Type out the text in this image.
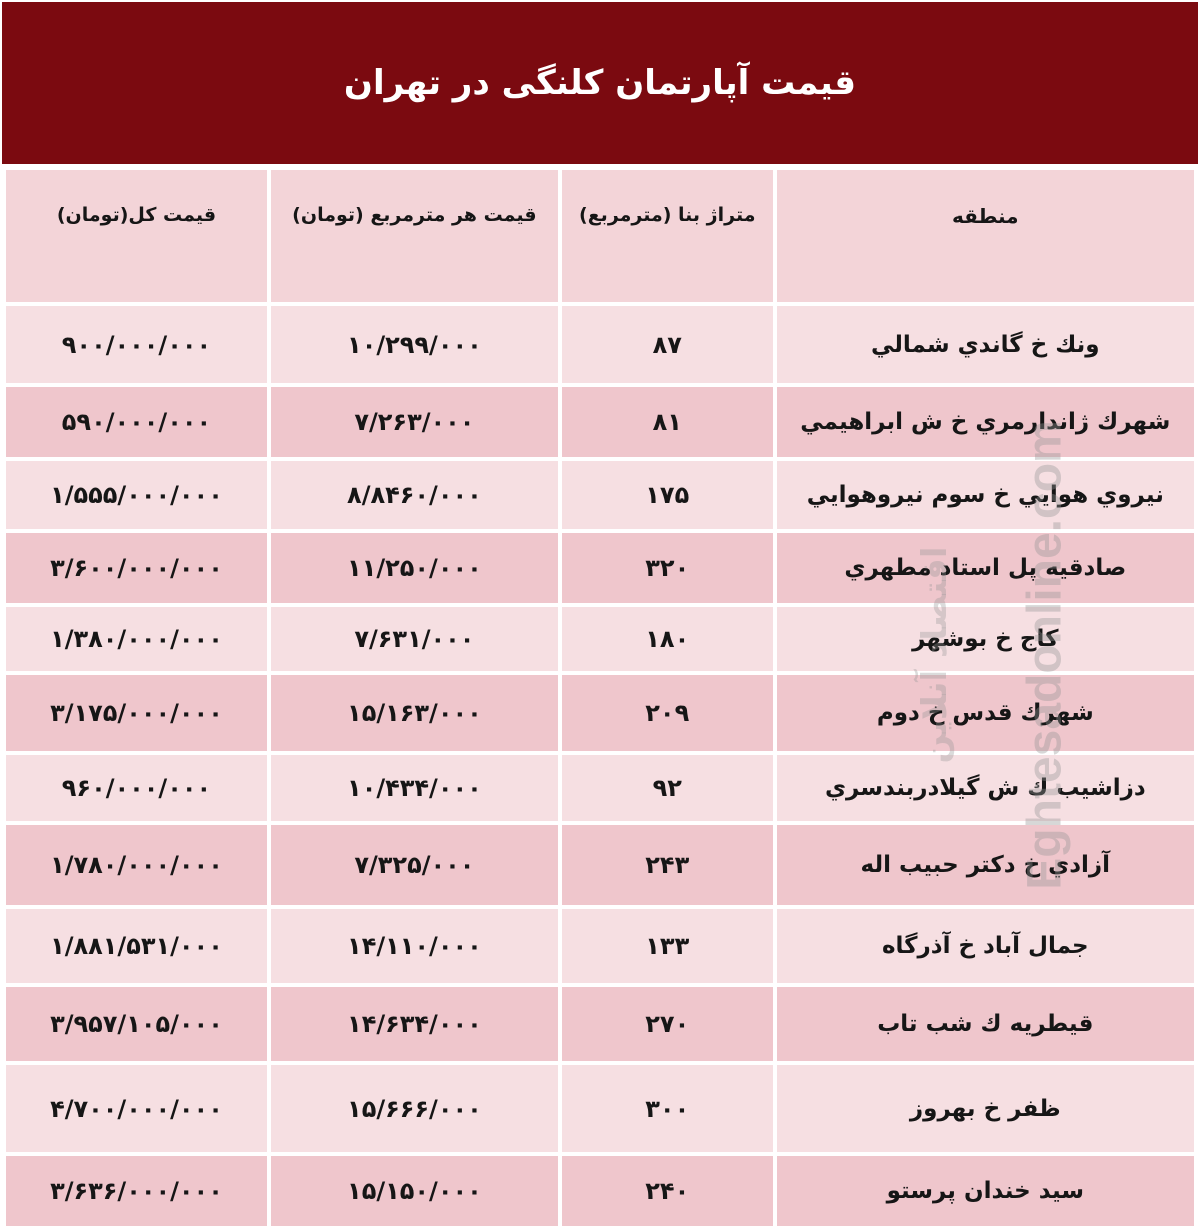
قیمت آپارتمان کلنگی در تهران
منطقه	متراژ بنا (مترمربع)	قیمت هر مترمربع (تومان)	قیمت کل(تومان)
ونك خ گاندي شمالي	۸۷	۱۰/۲۹۹/۰۰۰	۹۰۰/۰۰۰/۰۰۰
شهرك ژاندارمري خ ش ابراهيمي	۸۱	۷/۲۶۳/۰۰۰	۵۹۰/۰۰۰/۰۰۰
نيروي هوايي خ سوم نيروهوايي	۱۷۵	۸/۸۴۶۰/۰۰۰	۱/۵۵۵/۰۰۰/۰۰۰
صادقيه پل استاد مطهري	۳۲۰	۱۱/۲۵۰/۰۰۰	۳/۶۰۰/۰۰۰/۰۰۰
كاج خ بوشهر	۱۸۰	۷/۶۳۱/۰۰۰	۱/۳۸۰/۰۰۰/۰۰۰
شهرك قدس خ دوم	۲۰۹	۱۵/۱۶۳/۰۰۰	۳/۱۷۵/۰۰۰/۰۰۰
دزاشيب ك ش گيلادربندسري	۹۲	۱۰/۴۳۴/۰۰۰	۹۶۰/۰۰۰/۰۰۰
آزادي خ دكتر حبيب اله	۲۴۳	۷/۳۲۵/۰۰۰	۱/۷۸۰/۰۰۰/۰۰۰
جمال آباد خ آذرگاه	۱۳۳	۱۴/۱۱۰/۰۰۰	۱/۸۸۱/۵۳۱/۰۰۰
قيطريه ك شب تاب	۲۷۰	۱۴/۶۳۴/۰۰۰	۳/۹۵۷/۱۰۵/۰۰۰
ظفر خ بهروز	۳۰۰	۱۵/۶۶۶/۰۰۰	۴/۷۰۰/۰۰۰/۰۰۰
سيد خندان پرستو	۲۴۰	۱۵/۱۵۰/۰۰۰	۳/۶۳۶/۰۰۰/۰۰۰
اقتصاد آنلاین Eghtesadonline.com
